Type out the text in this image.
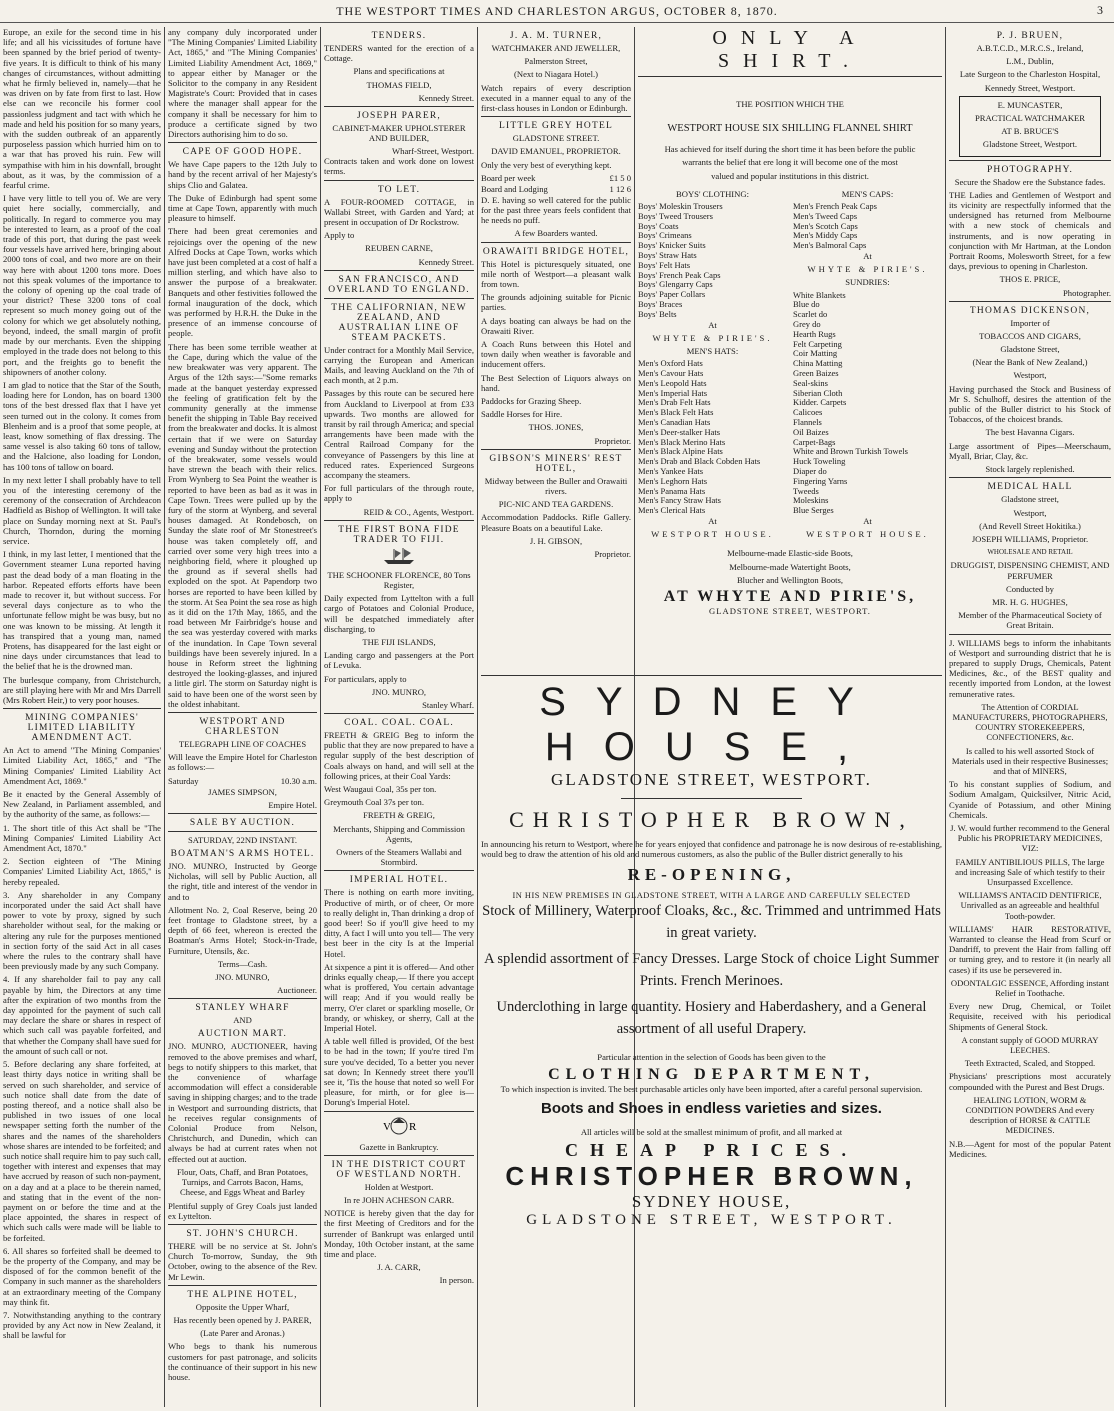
THE WESTPORT TIMES AND CHARLESTON ARGUS, OCTOBER 8, 1870.	3

Europe, an exile for the second time in his life; and all his vicissitudes of fortune have been spanned by the brief period of twenty-five years. It is difficult to think of his many changes of circumstances, without admitting what he firmly believed in, namely—that he was driven on by fate from first to last. How else can we reconcile his former cool passionless judgment and tact with which he made and held his position for so many years, with the sudden outbreak of an apparently purposeless passion which hurried him on to a war that has proved his ruin. Few will sympathise with him in his downfall, brought about, as it was, by the commission of a fearful crime.

I have very little to tell you of. We are very quiet here socially, commercially, and politically. In regard to commerce you may be interested to learn, as a proof of the coal trade of this port, that during the past week four vessels have arrived here, bringing about 2000 tons of coal, and two more are on their way here with about 1200 tons more. Does not this speak volumes of the importance to the colony of opening up the coal trade of your district? These 3200 tons of coal represent so much money going out of the colony for which we get absolutely nothing, beyond, indeed, the small margin of profit made by our merchants. Even the shipping employed in the trade does not belong to this port, and the freights go to benefit the shipowners of another colony.

I am glad to notice that the Star of the South, loading here for London, has on board 1300 tons of the best dressed flax that I have yet seen turned out in the colony. It comes from Blenheim and is a proof that some people, at least, know something of flax dressing. The same vessel is also taking 60 tons of tallow, and the Halcione, also loading for London, has 100 tons of tallow on board.

In my next letter I shall probably have to tell you of the interesting ceremony of the ceremony of the consecration of Archdeacon Hadfield as Bishop of Wellington. It will take place on Sunday morning next at St. Paul's Church, Thorndon, during the morning service.

I think, in my last letter, I mentioned that the Government steamer Luna reported having past the dead body of a man floating in the harbor. Repeated efforts efforts have been made to recover it, but without success. For several days conjecture as to who the unfortunate fellow might be was busy, but no one was known to be missing. At length it has transpired that a young man, named Protens, has disappeared for the last eight or nine days under circumstances that lead to the belief that he is the drowned man.

The burlesque company, from Christchurch, are still playing here with Mr and Mrs Darrell (Mrs Robert Heir,) to very poor houses.

MINING COMPANIES' LIMITED LIABILITY AMENDMENT ACT.

An Act to amend "The Mining Companies' Limited Liability Act, 1865," and "The Mining Companies' Limited Liability Act Amendment Act, 1869."

Be it enacted by the General Assembly of New Zealand, in Parliament assembled, and by the authority of the same, as follows:—

1. The short title of this Act shall be "The Mining Companies' Limited Liability Act Amendment Act, 1870."

2. Section eighteen of "The Mining Companies' Limited Liability Act, 1865," is hereby repealed.

3. Any shareholder in any Company incorporated under the said Act shall have power to vote by proxy, signed by such shareholder without seal, for the making or altering any rule for the purposes mentioned in section forty of the said Act in all cases where the rules to the contrary shall have been previously made by any such Company.

4. If any shareholder fail to pay any call payable by him, the Directors at any time after the expiration of two months from the day appointed for the payment of such call may declare the share or shares in respect of which such call was payable forfeited, and that whether the Company shall have sued for the amount of such call or not.

5. Before declaring any share forfeited, at least thirty days notice in writing shall be served on such shareholder, and service of such notice shall date from the date of posting thereof, and a notice shall also be published in two issues of one local newspaper setting forth the number of the shares and the names of the shareholders whose shares are intended to be forfeited; and such notice shall require him to pay such call, together with interest and expenses that may have accrued by reason of such non-payment, on a day and at a place to be therein named, and stating that in the event of the non-payment on or before the time and at the place appointed, the shares in respect of which such calls were made will be liable to be forfeited.

6. All shares so forfeited shall be deemed to be the property of the Company, and may be disposed of for the common benefit of the Company in such manner as the shareholders at an extraordinary meeting of the Company may think fit.

7. Notwithstanding anything to the contrary provided by any Act now in New Zealand, it shall be lawful for

any company duly incorporated under "The Mining Companies' Limited Liability Act, 1865," and "The Mining Companies' Limited Liability Amendment Act, 1869," to appear either by Manager or the Solicitor to the company in any Resident Magistrate's Court: Provided that in cases where the manager shall appear for the company it shall be necessary for him to produce a certificate signed by two Directors authorising him to do so.

CAPE OF GOOD HOPE.

We have Cape papers to the 12th July to hand by the recent arrival of her Majesty's ships Clio and Galatea.

The Duke of Edinburgh had spent some time at Cape Town, apparently with much pleasure to himself.

There had been great ceremonies and rejoicings over the opening of the new Alfred Docks at Cape Town, works which have just been completed at a cost of half a million sterling, and which have also to answer the purpose of a breakwater. Banquets and other festivities followed the formal inauguration of the dock, which was performed by H.R.H. the Duke in the presence of an immense concourse of people.

There has been some terrible weather at the Cape, during which the value of the new breakwater was very apparent. The Argus of the 12th says:—"Some remarks made at the banquet yesterday expressed the feeling of gratification felt by the community generally at the immense benefit the shipping in Table Bay received from the breakwater and docks. It is almost certain that if we were on Saturday evening and Sunday without the protection of the breakwater, some vessels would have strewn the beach with their relics. From Wynberg to Sea Point the weather is reported to have been as bad as it was in Cape Town. Trees were pulled up by the fury of the storm at Wynberg, and several houses damaged. At Rondebosch, on Sunday the slate roof of Mr Stonestreet's house was taken completely off, and carried over some very high trees into a neighboring field, where it ploughed up the ground as if several shells had exploded on the spot. At Papendorp two horses are reported to have been killed by the storm. At Sea Point the sea rose as high as it did on the 17th May, 1865, and the road between Mr Fairbridge's house and the sea was yesterday covered with marks of the inundation. In Cape Town several buildings have been severely injured. In a house in Reform street the lightning destroyed the looking-glasses, and injured a little girl. The storm on Saturday night is said to have been one of the worst seen by the oldest inhabitant.

WESTPORT AND CHARLESTON
TELEGRAPH LINE OF COACHES

Will leave the Empire Hotel for Charleston as follows:—

Saturday	10.30 a.m.
JAMES SIMPSON,
Empire Hotel.
SALE BY AUCTION.
SATURDAY, 22ND INSTANT.
BOATMAN'S ARMS HOTEL.

JNO. MUNRO, Instructed by George Nicholas, will sell by Public Auction, all the right, title and interest of the vendor in and to

Allotment No. 2, Coal Reserve, being 20 feet frontage to Gladstone street, by a depth of 66 feet, whereon is erected the Boatman's Arms Hotel; Stock-in-Trade, Furniture, Utensils, &c.

Terms—Cash.
JNO. MUNRO,
Auctioneer.
STANLEY WHARF
AND
AUCTION MART.

JNO. MUNRO, AUCTIONEER, having removed to the above premises and wharf, begs to notify shippers to this market, that the convenience of wharfage accommodation will effect a considerable saving in shipping charges; and to the trade in Westport and surrounding districts, that he receives regular consignments of Colonial Produce from Nelson, Christchurch, and Dunedin, which can always be had at current rates when not effected out at auction.

Flour, Oats, Chaff, and Bran Potatoes, Turnips, and Carrots Bacon, Hams, Cheese, and Eggs Wheat and Barley

Plentiful supply of Grey Coals just landed ex Lyttelton.

ST. JOHN'S CHURCH.

THERE will be no service at St. John's Church To-morrow, Sunday, the 9th October, owing to the absence of the Rev. Mr Lewin.

THE ALPINE HOTEL,
Opposite the Upper Wharf,
Has recently been opened by J. PARER,
(Late Parer and Aronas.)

Who begs to thank his numerous customers for past patronage, and solicits the continuance of their support in his new house.

TENDERS.

TENDERS wanted for the erection of a Cottage.

Plans and specifications at
THOMAS FIELD,
Kennedy Street.
JOSEPH PARER,
CABINET-MAKER UPHOLSTERER AND BUILDER,
Wharf-Street, Westport.

Contracts taken and work done on lowest terms.

TO LET.

A FOUR-ROOMED COTTAGE, in Wallabi Street, with Garden and Yard; at present in occupation of Dr Rockstrow.

Apply to

REUBEN CARNE,
Kennedy Street.
SAN FRANCISCO, AND OVERLAND TO ENGLAND.
THE CALIFORNIAN, NEW ZEALAND, AND AUSTRALIAN LINE OF STEAM PACKETS.

Under contract for a Monthly Mail Service, carrying the European and American Mails, and leaving Auckland on the 7th of each month, at 2 p.m.

Passages by this route can be secured here from Auckland to Liverpool at from £33 upwards. Two months are allowed for transit by rail through America; and special arrangements have been made with the Central Railroad Company for the conveyance of Passengers by this line at reduced rates. Experienced Surgeons accompany the steamers.

For full particulars of the through route, apply to

REID & CO., Agents, Westport.
THE FIRST BONA FIDE TRADER TO FIJI.
THE SCHOONER FLORENCE, 80 Tons Register,

Daily expected from Lyttelton with a full cargo of Potatoes and Colonial Produce, will be despatched immediately after discharging, to

THE FIJI ISLANDS,

Landing cargo and passengers at the Port of Levuka.

For particulars, apply to

JNO. MUNRO,
Stanley Wharf.
COAL. COAL. COAL.

FREETH & GREIG Beg to inform the public that they are now prepared to have a regular supply of the best description of Coals always on hand, and will sell at the following prices, at their Coal Yards:

West Waugaui Coal, 35s per ton.

Greymouth Coal 37s per ton.

FREETH & GREIG,

Merchants, Shipping and Commission Agents,

Owners of the Steamers Wallabi and Stormbird.

IMPERIAL HOTEL.

There is nothing on earth more inviting, Productive of mirth, or of cheer, Or more to really delight in, Than drinking a drop of good beer! So if you'll give heed to my ditty, A fact I will unto you tell— The very best beer in the city Is at the Imperial Hotel.

At sixpence a pint it is offered— And other drinks equally cheap,— If there you accept what is proffered, You certain advantage will reap; And if you would really be merry, O'er claret or sparkling moselle, Or brandy, or whiskey, or sherry, Call at the Imperial Hotel.

A table well filled is provided, Of the best to be had in the town; If you're tired I'm sure you've decided, To a better you never sat down; In Kennedy street there you'll see it, 'Tis the house that noted so well For pleasure, for mirth, or for glee is— Dorung's Imperial Hotel.

V R
Gazette in Bankruptcy.
IN THE DISTRICT COURT OF WESTLAND NORTH.
Holden at Westport.
In re JOHN ACHESON CARR.

NOTICE is hereby given that the day for the first Meeting of Creditors and for the surrender of Bankrupt was enlarged until Monday, 10th October instant, at the same time and place.

J. A. CARR,
In person.
J. A. M. TURNER,
WATCHMAKER AND JEWELLER,
Palmerston Street,
(Next to Niagara Hotel.)

Watch repairs of every description executed in a manner equal to any of the first-class houses in London or Edinburgh.

LITTLE GREY HOTEL
GLADSTONE STREET.
DAVID EMANUEL, PROPRIETOR.

Only the very best of everything kept.

Board per week	£1 5 0
Board and Lodging	1 12 6

D. E. having so well catered for the public for the past three years feels confident that he needs no puff.

A few Boarders wanted.
ORAWAITI BRIDGE HOTEL,

This Hotel is picturesquely situated, one mile north of Westport—a pleasant walk from town.

The grounds adjoining suitable for Picnic parties.

A days boating can always be had on the Orawaiti River.

A Coach Runs between this Hotel and town daily when weather is favorable and inducement offers.

The Best Selection of Liquors always on hand.

Paddocks for Grazing Sheep.

Saddle Horses for Hire.

THOS. JONES,
Proprietor.
GIBSON'S MINERS' REST HOTEL,

Midway between the Buller and Orawaiti rivers.

PIC-NIC AND TEA GARDENS.

Accommodation Paddocks. Rifle Gallery. Pleasure Boats on a beautiful Lake.

J. H. GIBSON,
Proprietor.
ONLY A SHIRT.
THE POSITION WHICH THE
WESTPORT HOUSE SIX SHILLING FLANNEL SHIRT
Has achieved for itself during the short time it has been before the public
warrants the belief that ere long it will become one of the most
valued and popular institutions in this district.
BOYS' CLOTHING:
Boys' Moleskin Trousers
Boys' Tweed Trousers
Boys' Coats
Boys' Crimeans
Boys' Knicker Suits
Boys' Straw Hats
Boys' Felt Hats
Boys' French Peak Caps
Boys' Glengarry Caps
Boys' Paper Collars
Boys' Braces
Boys' Belts
At
WHYTE & PIRIE'S.
MEN'S HATS:
Men's Oxford Hats
Men's Cavour Hats
Men's Leopold Hats
Men's Imperial Hats
Men's Drab Felt Hats
Men's Black Felt Hats
Men's Canadian Hats
Men's Deer-stalker Hats
Men's Black Merino Hats
Men's Black Alpine Hats
Men's Drab and Black Cobden Hats
Men's Yankee Hats
Men's Leghorn Hats
Men's Panama Hats
Men's Fancy Straw Hats
Men's Clerical Hats
At
WESTPORT HOUSE.
MEN'S CAPS:
Men's French Peak Caps
Men's Tweed Caps
Men's Scotch Caps
Men's Middy Caps
Men's Balmoral Caps
At
WHYTE & PIRIE'S.
SUNDRIES:
White Blankets
Blue do
Scarlet do
Grey do
Hearth Rugs
Felt Carpeting
Coir Matting
China Matting
Green Baizes
Seal-skins
Siberian Cloth
Kidder. Carpets
Calicoes
Flannels
Oil Baizes
Carpet-Bags
White and Brown Turkish Towels
Huck Toweling
Diaper do
Fingering Yarns
Tweeds
Moleskins
Blue Serges
At
WESTPORT HOUSE.
Melbourne-made Elastic-side Boots,
Melbourne-made Watertight Boots,
Blucher and Wellington Boots,
AT WHYTE AND PIRIE'S,
GLADSTONE STREET, WESTPORT.
SYDNEY HOUSE,
GLADSTONE STREET, WESTPORT.
CHRISTOPHER BROWN,

In announcing his return to Westport, where he for years enjoyed that confidence and patronage he is now desirous of re-establishing, would beg to draw the attention of his old and numerous customers, as also the public of the Buller district generally to his

RE-OPENING,
IN HIS NEW PREMISES IN GLADSTONE STREET, WITH A LARGE AND CAREFULLY SELECTED
Stock of Millinery, Waterproof Cloaks, &c., &c. Trimmed and untrimmed Hats in great variety.
A splendid assortment of Fancy Dresses. Large Stock of choice Light Summer Prints. French Merinoes.
Underclothing in large quantity. Hosiery and Haberdashery, and a General assortment of all useful Drapery.
Particular attention in the selection of Goods has been given to the
CLOTHING DEPARTMENT,
To which inspection is invited. The best purchasable articles only have been imported, after a careful personal supervision.
Boots and Shoes in endless varieties and sizes.
All articles will be sold at the smallest minimum of profit, and all marked at
CHEAP PRICES.
CHRISTOPHER BROWN,
SYDNEY HOUSE,
GLADSTONE STREET, WESTPORT.
P. J. BRUEN,
A.B.T.C.D., M.R.C.S., Ireland,
L.M., Dublin,
Late Surgeon to the Charleston Hospital,
Kennedy Street, Westport.
E. MUNCASTER,
PRACTICAL WATCHMAKER
AT B. BRUCE'S
Gladstone Street, Westport.
PHOTOGRAPHY.

Secure the Shadow ere the Substance fades.

THE Ladies and Gentlemen of Westport and its vicinity are respectfully informed that the undersigned has returned from Melbourne with a new stock of chemicals and instruments, and is now operating in conjunction with Mr Hartman, at the London Portrait Rooms, Molesworth Street, for a few days, previous to opening in Charleston.

THOS E. PRICE,
Photographer.
THOMAS DICKENSON,
Importer of
TOBACCOS AND CIGARS,
Gladstone Street,
(Near the Bank of New Zealand,)
Westport,

Having purchased the Stock and Business of Mr S. Schulhoff, desires the attention of the public of the Buller district to his Stock of Tobaccos, of the choicest brands.

The best Havanna Cigars.

Large assortment of Pipes—Meerschaum, Myall, Briar, Clay, &c.

Stock largely replenished.
MEDICAL HALL
Gladstone street,
Westport,
(And Revell Street Hokitika.)
JOSEPH WILLIAMS, Proprietor.
WHOLESALE AND RETAIL
DRUGGIST, DISPENSING CHEMIST, AND PERFUMER
Conducted by
MR. H. G. HUGHES,
Member of the Pharmaceutical Society of Great Britain.

J. WILLIAMS begs to inform the inhabitants of Westport and surrounding district that he is prepared to supply Drugs, Chemicals, Patent Medicines, &c., of the BEST quality and recently imported from London, at the lowest remunerative rates.

The Attention of CORDIAL MANUFACTURERS, PHOTOGRAPHERS, COUNTRY STOREKEEPERS, CONFECTIONERS, &c.

Is called to his well assorted Stock of Materials used in their respective Businesses; and that of MINERS,

To his constant supplies of Sodium, and Sodium Amalgam, Quicksilver, Nitric Acid, Cyanide of Potassium, and other Mining Chemicals.

J. W. would further recommend to the General Public his PROPRIETARY MEDICINES, VIZ:

FAMILY ANTIBILIOUS PILLS, The large and increasing Sale of which testify to their Unsurpassed Excellence.

WILLIAMS'S ANTACID DENTIFRICE, Unrivalled as an agreeable and healthful Tooth-powder.

WILLIAMS' HAIR RESTORATIVE, Warranted to cleanse the Head from Scurf or Dandriff, to prevent the Hair from falling off or turning grey, and to restore it (in nearly all cases) if its use be persevered in.

ODONTALGIC ESSENCE, Affording instant Relief in Toothache.

Every new Drug, Chemical, or Toilet Requisite, received with his periodical Shipments of General Stock.

A constant supply of GOOD MURRAY LEECHES.

Teeth Extracted, Scaled, and Stopped.

Physicians' prescriptions most accurately compounded with the Purest and Best Drugs.

HEALING LOTION, WORM & CONDITION POWDERS And every description of HORSE & CATTLE MEDICINES.

N.B.—Agent for most of the popular Patent Medicines.
